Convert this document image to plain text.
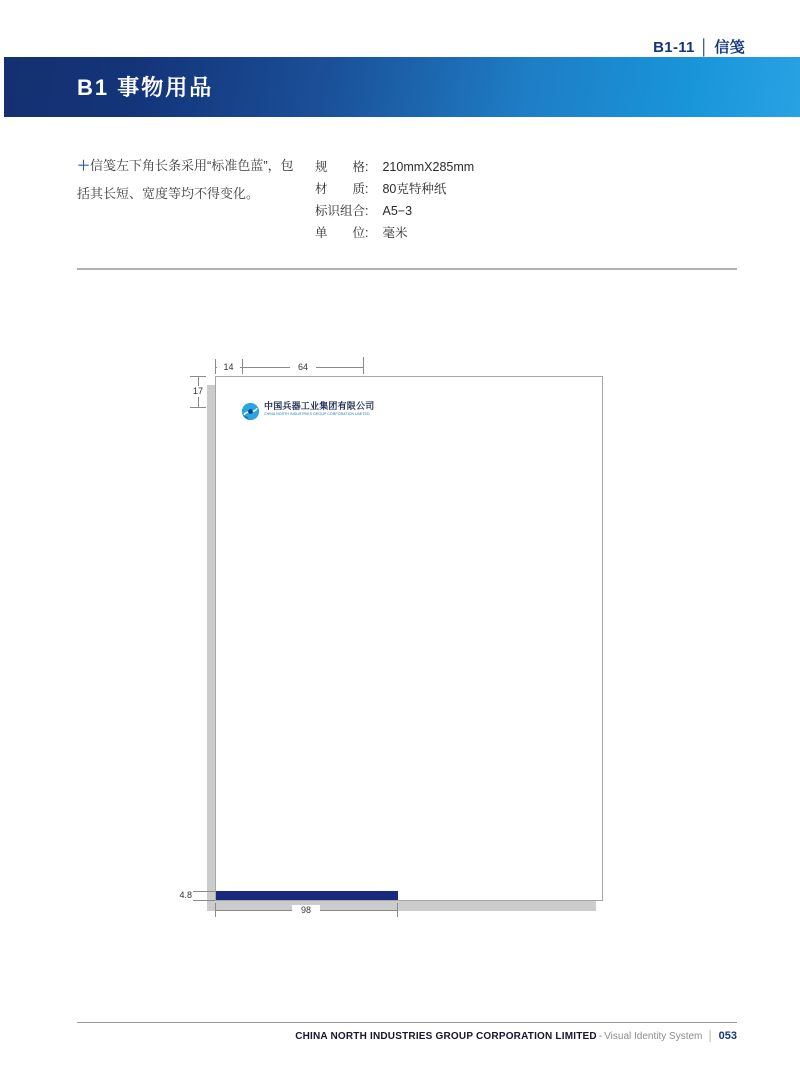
B1-11 │ 信笺
B1 事物用品
＋信笺左下角长条采用“标准色蓝”，包
括其长短、宽度等均不得变化。
规　　格: 210mmX285mm
材　　质: 80克特种纸
标识组合: A5−3
单　　位: 毫米
中国兵器工业集团有限公司
CHINA NORTH INDUSTRIES GROUP CORPORATION LIMITED
14	64
17
4.8
98
CHINA NORTH INDUSTRIES GROUP CORPORATION LIMITED - Visual Identity System │ 053
